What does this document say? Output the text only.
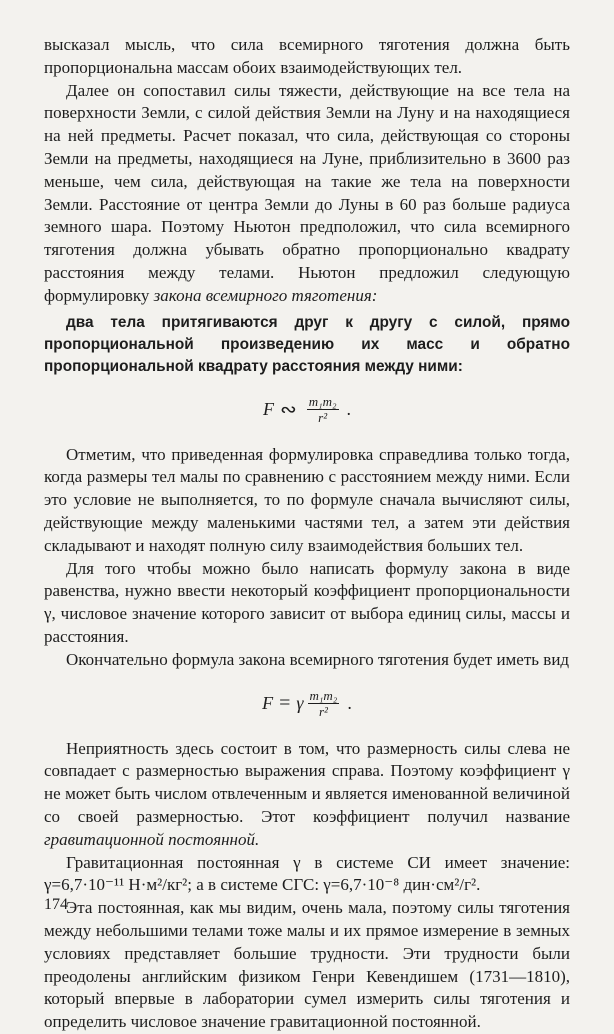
высказал мысль, что сила всемирного тяготения должна быть пропорциональна массам обоих взаимодействующих тел.

Далее он сопоставил силы тяжести, действующие на все тела на поверхности Земли, с силой действия Земли на Луну и на находящиеся на ней предметы. Расчет показал, что сила, действующая со стороны Земли на предметы, находящиеся на Луне, приблизительно в 3600 раз меньше, чем сила, действующая на такие же тела на поверхности Земли. Расстояние от центра Земли до Луны в 60 раз больше радиуса земного шара. Поэтому Ньютон предположил, что сила всемирного тяготения должна убывать обратно пропорционально квадрату расстояния между телами. Ньютон предложил следующую формулировку закона всемирного тяготения:

два тела притягиваются друг к другу с силой, прямо пропорциональной произведению их масс и обратно пропорциональной квадрату расстояния между ними:

F ∾ $\frac{\text{m₁m₂}}{\text{r²}}$ .

Отметим, что приведенная формулировка справедлива только тогда, когда размеры тел малы по сравнению с расстоянием между ними. Если это условие не выполняется, то по формуле сначала вычисляют силы, действующие между маленькими частями тел, а затем эти действия складывают и находят полную силу взаимодействия больших тел.

Для того чтобы можно было написать формулу закона в виде равенства, нужно ввести некоторый коэффициент пропорциональности γ, числовое значение которого зависит от выбора единиц силы, массы и расстояния.

Окончательно формула закона всемирного тяготения будет иметь вид

F = γ $\frac{\text{m₁m₂}}{\text{r²}}$ .

Неприятность здесь состоит в том, что размерность силы слева не совпадает с размерностью выражения справа. Поэтому коэффициент γ не может быть числом отвлеченным и является именованной величиной со своей размерностью. Этот коэффициент получил название гравитационной постоянной.

Гравитационная постоянная γ в системе СИ имеет значение: γ=6,7·10⁻¹¹ Н·м²/кг²; а в системе СГС: γ=6,7·10⁻⁸ дин·см²/г².

Эта постоянная, как мы видим, очень мала, поэтому силы тяготения между небольшими телами тоже малы и их прямое измерение в земных условиях представляет большие трудности. Эти трудности были преодолены английским физиком Генри Кевендишем (1731—1810), который впервые в лаборатории сумел измерить силы тяготения и определить числовое значение гравитационной постоянной.

174
